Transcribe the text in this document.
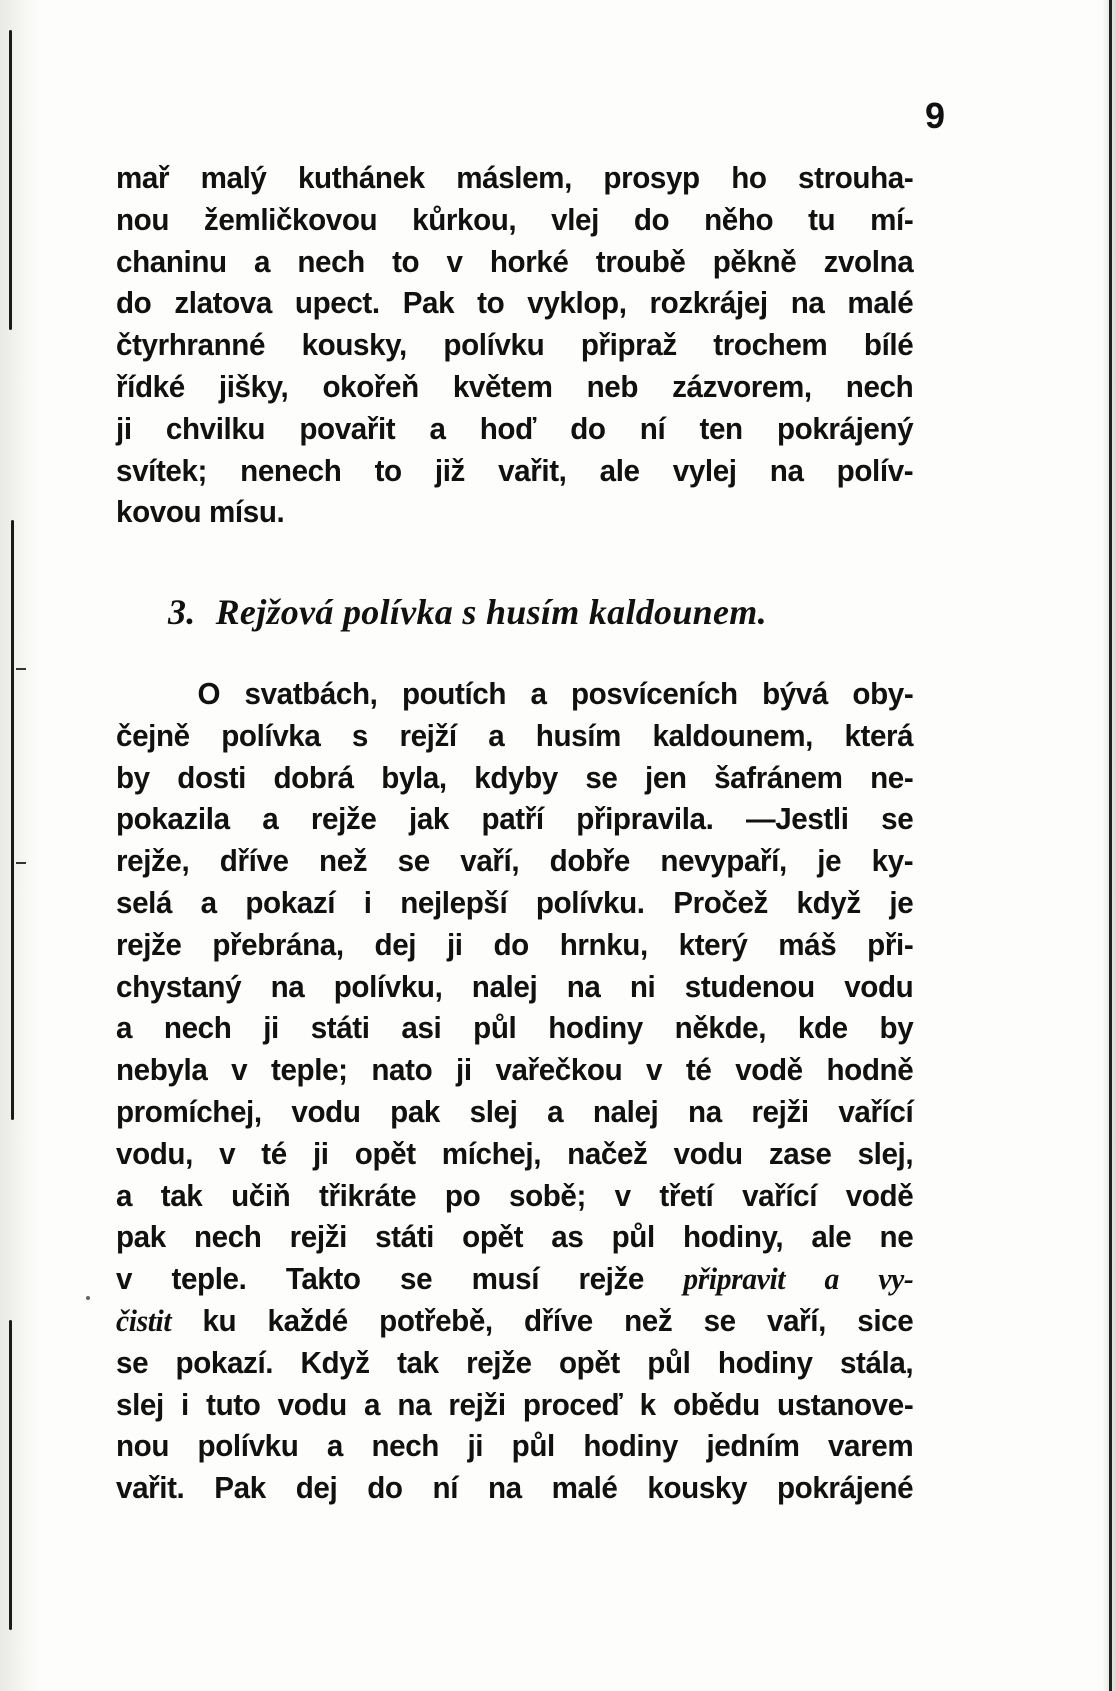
9
mař malý kuthánek máslem, prosyp ho strouha-
nou žemličkovou kůrkou, vlej do něho tu mí-
chaninu a nech to v horké troubě pěkně zvolna
do zlatova upect. Pak to vyklop, rozkrájej na malé
čtyrhranné kousky, polívku připraž trochem bílé
řídké jišky, okořeň květem neb zázvorem, nech
ji chvilku povařit a hoď do ní ten pokrájený
svítek; nenech to již vařit, ale vylej na polív-
kovou mísu.
3. Rejžová polívka s husím kaldounem.
O svatbách, poutích a posvíceních bývá oby-
čejně polívka s rejží a husím kaldounem, která
by dosti dobrá byla, kdyby se jen šafránem ne-
pokazila a rejže jak patří připravila. —Jestli se
rejže, dříve než se vaří, dobře nevypaří, je ky-
selá a pokazí i nejlepší polívku. Pročež když je
rejže přebrána, dej ji do hrnku, který máš při-
chystaný na polívku, nalej na ni studenou vodu
a nech ji státi asi půl hodiny někde, kde by
nebyla v teple; nato ji vařečkou v té vodě hodně
promíchej, vodu pak slej a nalej na rejži vařící
vodu, v té ji opět míchej, načež vodu zase slej,
a tak učiň třikráte po sobě; v třetí vařící vodě
pak nech rejži státi opět as půl hodiny, ale ne
v teple. Takto se musí rejže připravit a vy-
čistit ku každé potřebě, dříve než se vaří, sice
se pokazí. Když tak rejže opět půl hodiny stála,
slej i tuto vodu a na rejži proceď k obědu ustanove-
nou polívku a nech ji půl hodiny jedním varem
vařit. Pak dej do ní na malé kousky pokrájené
